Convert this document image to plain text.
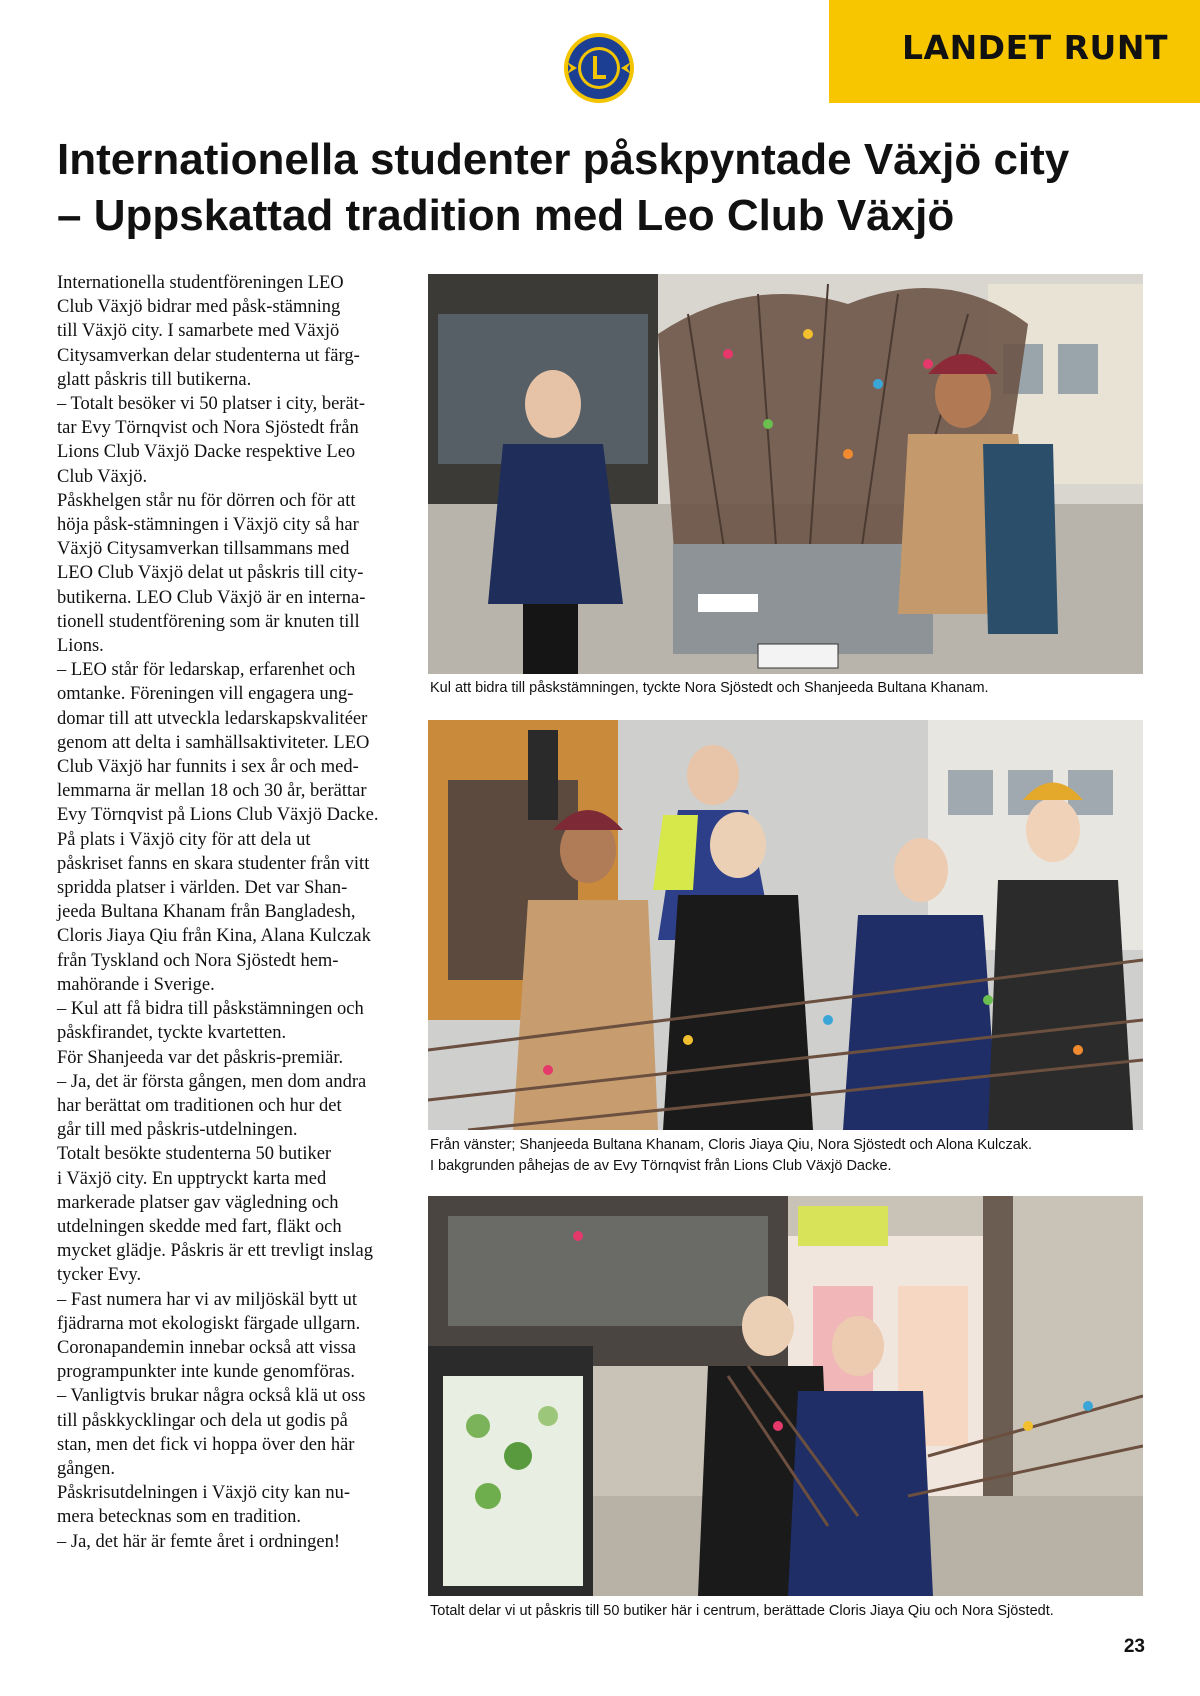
LANDET RUNT
Internationella studenter påskpyntade Växjö city
– Uppskattad tradition med Leo Club Växjö
Internationella studentföreningen LEO
Club Växjö bidrar med påsk-stämning
till Växjö city. I samarbete med Växjö
Citysamverkan delar studenterna ut färg-
glatt påskris till butikerna.
– Totalt besöker vi 50 platser i city, berät-
tar Evy Törnqvist och Nora Sjöstedt från
Lions Club Växjö Dacke respektive Leo
Club Växjö.
Påskhelgen står nu för dörren och för att
höja påsk-stämningen i Växjö city så har
Växjö Citysamverkan tillsammans med
LEO Club Växjö delat ut påskris till city-
butikerna. LEO Club Växjö är en interna-
tionell studentförening som är knuten till
Lions.
– LEO står för ledarskap, erfarenhet och
omtanke. Föreningen vill engagera ung-
domar till att utveckla ledarskapskvalitéer
genom att delta i samhällsaktiviteter. LEO
Club Växjö har funnits i sex år och med-
lemmarna är mellan 18 och 30 år, berättar
Evy Törnqvist på Lions Club Växjö Dacke.
På plats i Växjö city för att dela ut
påskriset fanns en skara studenter från vitt
spridda platser i världen. Det var Shan-
jeeda Bultana Khanam från Bangladesh,
Cloris Jiaya Qiu från Kina, Alana Kulczak
från Tyskland och Nora Sjöstedt hem-
mahörande i Sverige.
– Kul att få bidra till påskstämningen och
påskfirandet, tyckte kvartetten.
För Shanjeeda var det påskris-premiär.
– Ja, det är första gången, men dom andra
har berättat om traditionen och hur det
går till med påskris-utdelningen.
Totalt besökte studenterna 50 butiker
i Växjö city. En upptryckt karta med
markerade platser gav vägledning och
utdelningen skedde med fart, fläkt och
mycket glädje. Påskris är ett trevligt inslag
tycker Evy.
– Fast numera har vi av miljöskäl bytt ut
fjädrarna mot ekologiskt färgade ullgarn.
Coronapandemin innebar också att vissa
programpunkter inte kunde genomföras.
– Vanligtvis brukar några också klä ut oss
till påskkycklingar och dela ut godis på
stan, men det fick vi hoppa över den här
gången.
Påskrisutdelningen i Växjö city kan nu-
mera betecknas som en tradition.
– Ja, det här är femte året i ordningen!
Kul att bidra till påskstämningen, tyckte Nora Sjöstedt och Shanjeeda Bultana Khanam.
Från vänster; Shanjeeda Bultana Khanam, Cloris Jiaya Qiu, Nora Sjöstedt och Alona Kulczak.
I bakgrunden påhejas de av Evy Törnqvist från Lions Club Växjö Dacke.
Totalt delar vi ut påskris till 50 butiker här i centrum, berättade Cloris Jiaya Qiu och Nora Sjöstedt.
23
